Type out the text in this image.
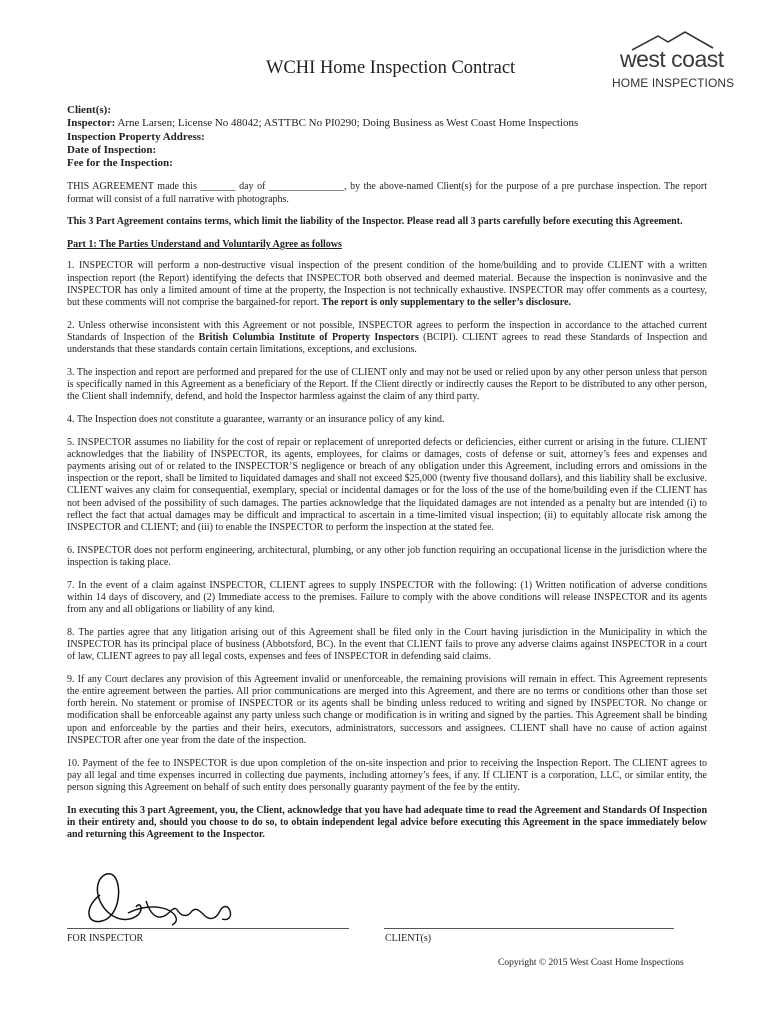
west coast
HOME INSPECTIONS
WCHI Home Inspection Contract
Client(s):
Inspector: Arne Larsen; License No 48042; ASTTBC No PI0290; Doing Business as West Coast Home Inspections
Inspection Property Address:
Date of Inspection:
Fee for the Inspection:

THIS AGREEMENT made this _______ day of _______________, by the above-named Client(s) for the purpose of a pre purchase inspection. The report format will consist of a full narrative with photographs.

This 3 Part Agreement contains terms, which limit the liability of the Inspector. Please read all 3 parts carefully before executing this Agreement.

Part 1: The Parties Understand and Voluntarily Agree as follows

1. INSPECTOR will perform a non-destructive visual inspection of the present condition of the home/building and to provide CLIENT with a written inspection report (the Report) identifying the defects that INSPECTOR both observed and deemed material. Because the inspection is noninvasive and the INSPECTOR has only a limited amount of time at the property, the Inspection is not technically exhaustive. INSPECTOR may offer comments as a courtesy, but these comments will not comprise the bargained-for report. The report is only supplementary to the seller’s disclosure.

2. Unless otherwise inconsistent with this Agreement or not possible, INSPECTOR agrees to perform the inspection in accordance to the attached current Standards of Inspection of the British Columbia Institute of Property Inspectors (BCIPI). CLIENT agrees to read these Standards of Inspection and understands that these standards contain certain limitations, exceptions, and exclusions.

3. The inspection and report are performed and prepared for the use of CLIENT only and may not be used or relied upon by any other person unless that person is specifically named in this Agreement as a beneficiary of the Report. If the Client directly or indirectly causes the Report to be distributed to any other person, the Client shall indemnify, defend, and hold the Inspector harmless against the claim of any third party.

4. The Inspection does not constitute a guarantee, warranty or an insurance policy of any kind.

5. INSPECTOR assumes no liability for the cost of repair or replacement of unreported defects or deficiencies, either current or arising in the future. CLIENT acknowledges that the liability of INSPECTOR, its agents, employees, for claims or damages, costs of defense or suit, attorney’s fees and expenses and payments arising out of or related to the INSPECTOR’S negligence or breach of any obligation under this Agreement, including errors and omissions in the inspection or the report, shall be limited to liquidated damages and shall not exceed $25,000 (twenty five thousand dollars), and this liability shall be exclusive. CLIENT waives any claim for consequential, exemplary, special or incidental damages or for the loss of the use of the home/building even if the CLIENT has not been advised of the possibility of such damages. The parties acknowledge that the liquidated damages are not intended as a penalty but are intended (i) to reflect the fact that actual damages may be difficult and impractical to ascertain in a time-limited visual inspection; (ii) to equitably allocate risk among the INSPECTOR and CLIENT; and (iii) to enable the INSPECTOR to perform the inspection at the stated fee.

6. INSPECTOR does not perform engineering, architectural, plumbing, or any other job function requiring an occupational license in the jurisdiction where the inspection is taking place.

7. In the event of a claim against INSPECTOR, CLIENT agrees to supply INSPECTOR with the following: (1) Written notification of adverse conditions within 14 days of discovery, and (2) Immediate access to the premises. Failure to comply with the above conditions will release INSPECTOR and its agents from any and all obligations or liability of any kind.

8. The parties agree that any litigation arising out of this Agreement shall be filed only in the Court having jurisdiction in the Municipality in which the INSPECTOR has its principal place of business (Abbotsford, BC). In the event that CLIENT fails to prove any adverse claims against INSPECTOR in a court of law, CLIENT agrees to pay all legal costs, expenses and fees of INSPECTOR in defending said claims.

9. If any Court declares any provision of this Agreement invalid or unenforceable, the remaining provisions will remain in effect. This Agreement represents the entire agreement between the parties. All prior communications are merged into this Agreement, and there are no terms or conditions other than those set forth herein. No statement or promise of INSPECTOR or its agents shall be binding unless reduced to writing and signed by INSPECTOR. No change or modification shall be enforceable against any party unless such change or modification is in writing and signed by the parties. This Agreement shall be binding upon and enforceable by the parties and their heirs, executors, administrators, successors and assignees. CLIENT shall have no cause of action against INSPECTOR after one year from the date of the inspection.

10. Payment of the fee to INSPECTOR is due upon completion of the on-site inspection and prior to receiving the Inspection Report. The CLIENT agrees to pay all legal and time expenses incurred in collecting due payments, including attorney’s fees, if any. If CLIENT is a corporation, LLC, or similar entity, the person signing this Agreement on behalf of such entity does personally guaranty payment of the fee by the entity.

In executing this 3 part Agreement, you, the Client, acknowledge that you have had adequate time to read the Agreement and Standards Of Inspection in their entirety and, should you choose to do so, to obtain independent legal advice before executing this Agreement in the space immediately below and returning this Agreement to the Inspector.

FOR INSPECTOR	CLIENT(s)
Copyright © 2015 West Coast Home Inspections
